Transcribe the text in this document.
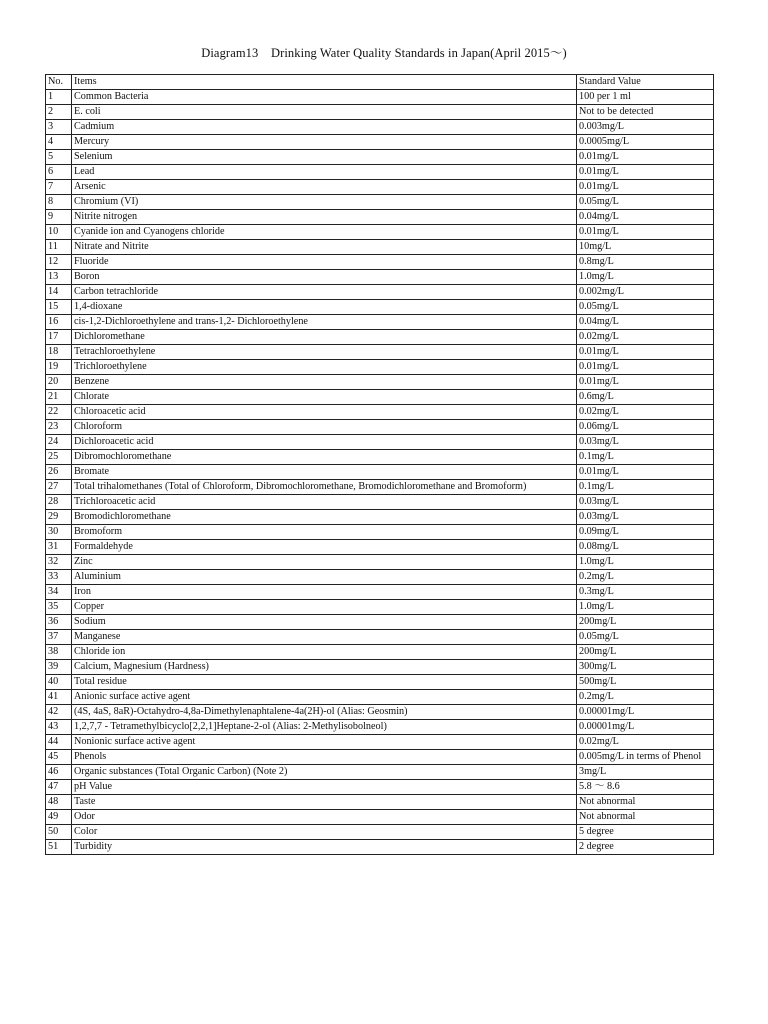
Diagram13　Drinking Water Quality Standards in Japan(April 2015〜)
No.	Items	Standard Value
1	Common Bacteria	100 per 1 ml
2	E. coli	Not to be detected
3	Cadmium	0.003mg/L
4	Mercury	0.0005mg/L
5	Selenium	0.01mg/L
6	Lead	0.01mg/L
7	Arsenic	0.01mg/L
8	Chromium (VI)	0.05mg/L
9	Nitrite nitrogen	0.04mg/L
10	Cyanide ion and Cyanogens chloride	0.01mg/L
11	Nitrate and Nitrite	10mg/L
12	Fluoride	0.8mg/L
13	Boron	1.0mg/L
14	Carbon tetrachloride	0.002mg/L
15	1,4-dioxane	0.05mg/L
16	cis-1,2-Dichloroethylene and trans-1,2- Dichloroethylene	0.04mg/L
17	Dichloromethane	0.02mg/L
18	Tetrachloroethylene	0.01mg/L
19	Trichloroethylene	0.01mg/L
20	Benzene	0.01mg/L
21	Chlorate	0.6mg/L
22	Chloroacetic acid	0.02mg/L
23	Chloroform	0.06mg/L
24	Dichloroacetic acid	0.03mg/L
25	Dibromochloromethane	0.1mg/L
26	Bromate	0.01mg/L
27	Total trihalomethanes (Total of Chloroform, Dibromochloromethane, Bromodichloromethane and Bromoform)	0.1mg/L
28	Trichloroacetic acid	0.03mg/L
29	Bromodichloromethane	0.03mg/L
30	Bromoform	0.09mg/L
31	Formaldehyde	0.08mg/L
32	Zinc	1.0mg/L
33	Aluminium	0.2mg/L
34	Iron	0.3mg/L
35	Copper	1.0mg/L
36	Sodium	200mg/L
37	Manganese	0.05mg/L
38	Chloride ion	200mg/L
39	Calcium, Magnesium (Hardness)	300mg/L
40	Total residue	500mg/L
41	Anionic surface active agent	0.2mg/L
42	(4S, 4aS, 8aR)-Octahydro-4,8a-Dimethylenaphtalene-4a(2H)-ol (Alias: Geosmin)	0.00001mg/L
43	1,2,7,7 - Tetramethylbicyclo[2,2,1]Heptane-2-ol (Alias: 2-Methylisobolneol)	0.00001mg/L
44	Nonionic surface active agent	0.02mg/L
45	Phenols	0.005mg/L in terms of Phenol
46	Organic substances (Total Organic Carbon) (Note 2)	3mg/L
47	pH Value	5.8 〜 8.6
48	Taste	Not abnormal
49	Odor	Not abnormal
50	Color	5 degree
51	Turbidity	2 degree
